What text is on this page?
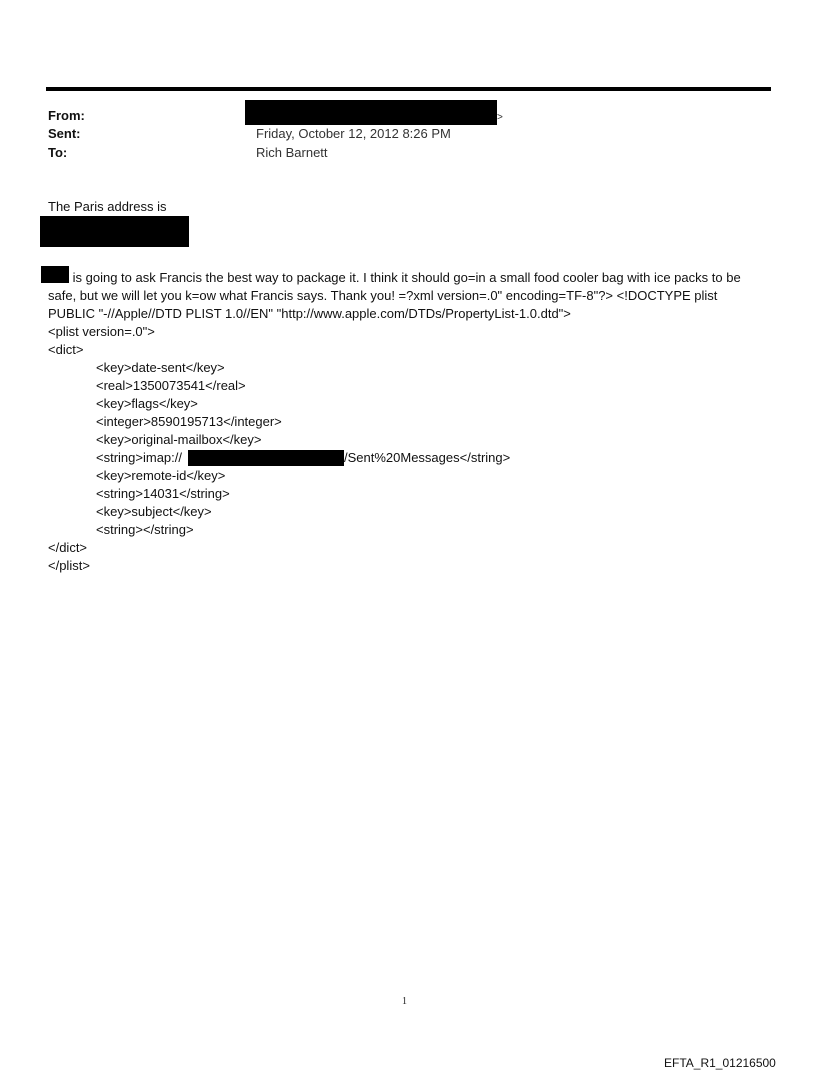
From:	>
Sent:	Friday, October 12, 2012 8:26 PM
To:	Rich Barnett
The Paris address is
is going to ask Francis the best way to package it. I think it should go=in a small food cooler bag with ice packs to be
safe, but we will let you k=ow what Francis says. Thank you! =?xml version=.0" encoding=TF-8"?> <!DOCTYPE plist
PUBLIC "-//Apple//DTD PLIST 1.0//EN" "http://www.apple.com/DTDs/PropertyList-1.0.dtd">
<plist version=.0">
<dict>
<key>date-sent</key>
<real>1350073541</real>
<key>flags</key>
<integer>8590195713</integer>
<key>original-mailbox</key>
<string>imap://	/Sent%20Messages</string>
<key>remote-id</key>
<string>14031</string>
<key>subject</key>
<string></string>
</dict>
</plist>
1
EFTA_R1_01216500
